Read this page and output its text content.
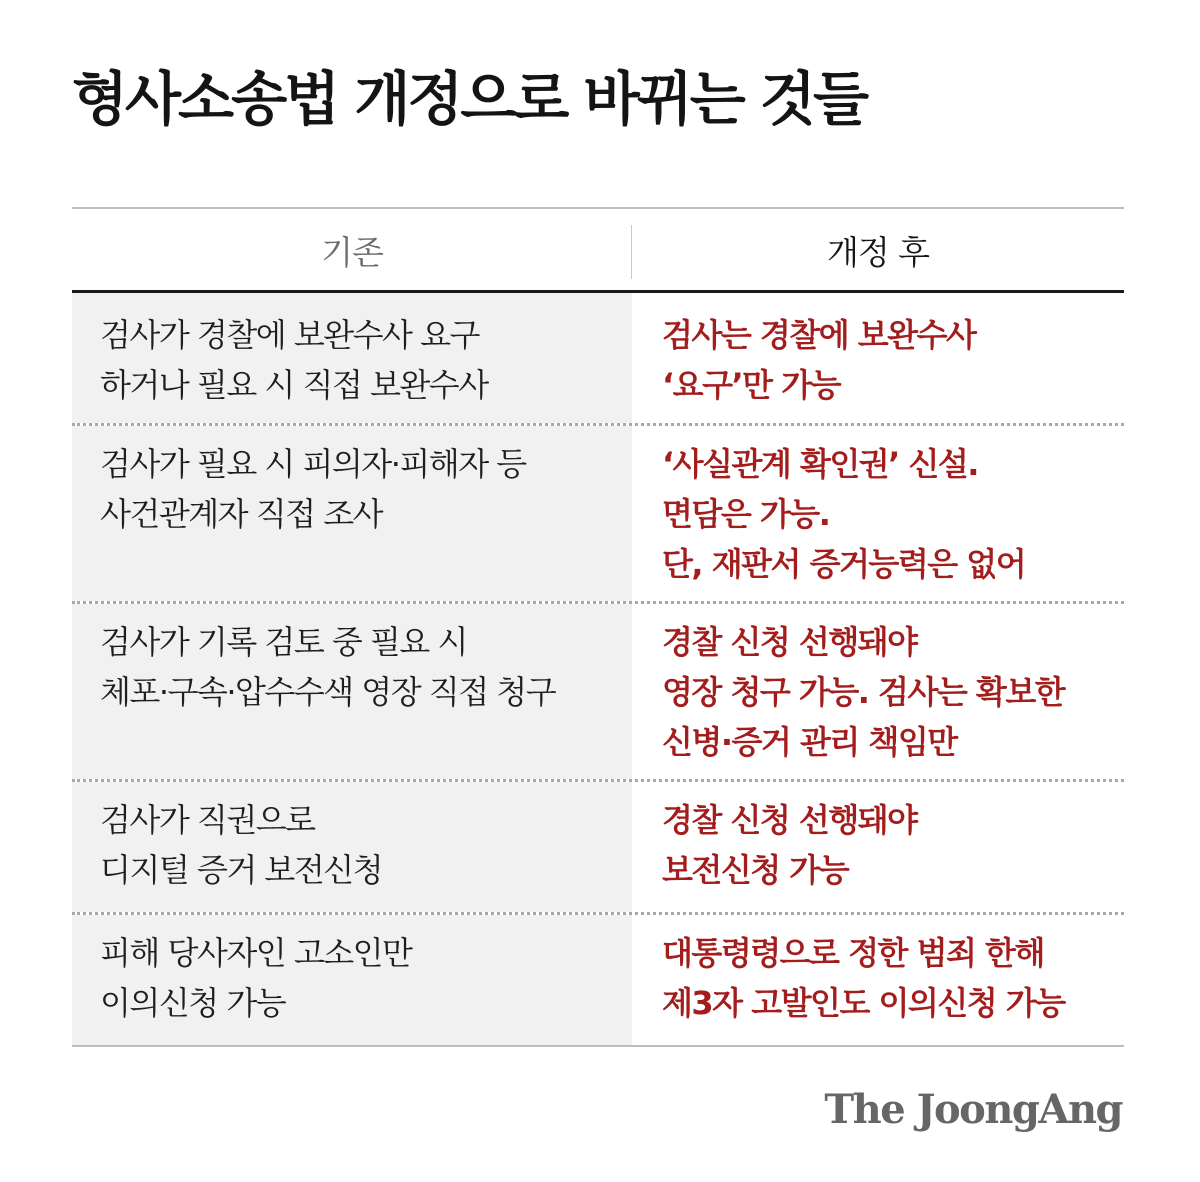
형사소송법 개정으로 바뀌는 것들
기존	개정 후
검사가 경찰에 보완수사 요구
하거나 필요 시 직접 보완수사
검사는 경찰에 보완수사
‘요구’만 가능
검사가 필요 시 피의자·피해자 등
사건관계자 직접 조사
‘사실관계 확인권’ 신설.
면담은 가능.
단, 재판서 증거능력은 없어
검사가 기록 검토 중 필요 시
체포·구속·압수수색 영장 직접 청구
경찰 신청 선행돼야
영장 청구 가능. 검사는 확보한
신병·증거 관리 책임만
검사가 직권으로
디지털 증거 보전신청
경찰 신청 선행돼야
보전신청 가능
피해 당사자인 고소인만
이의신청 가능
대통령령으로 정한 범죄 한해
제3자 고발인도 이의신청 가능
The JoongAng
